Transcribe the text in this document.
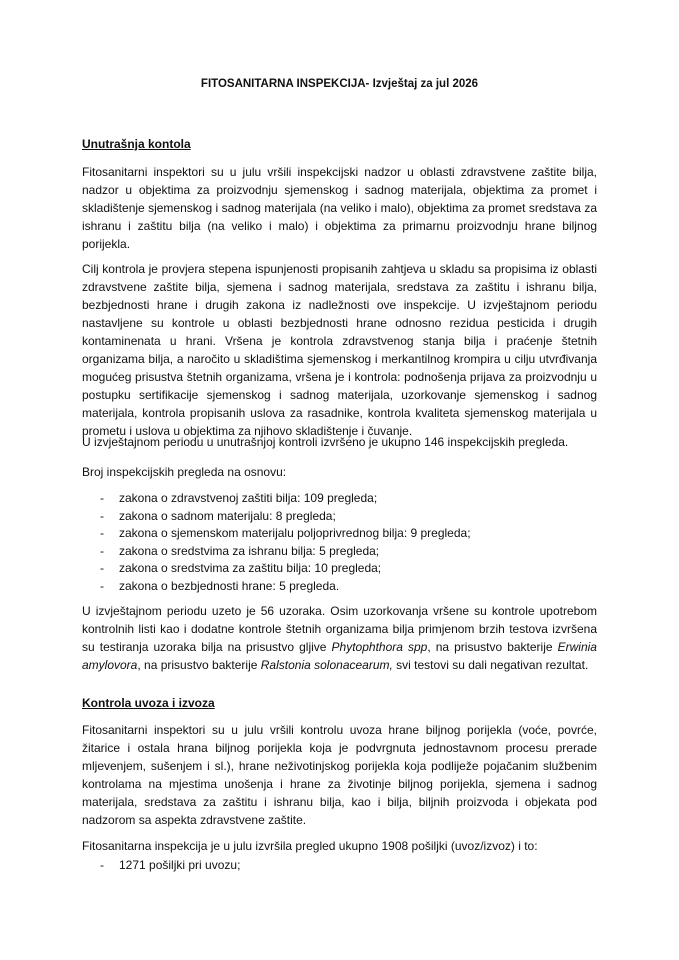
FITOSANITARNA INSPEKCIJA- Izvještaj za jul 2026
Unutrašnja kontola

Fitosanitarni inspektori su u julu vršili inspekcijski nadzor u oblasti zdravstvene zaštite bilja, nadzor u objektima za proizvodnju sjemenskog i sadnog materijala, objektima za promet i skladištenje sjemenskog i sadnog materijala (na veliko i malo), objektima za promet sredstava za ishranu i zaštitu bilja (na veliko i malo) i objektima za primarnu proizvodnju hrane biljnog porijekla.

Cilj kontrola je provjera stepena ispunjenosti propisanih zahtjeva u skladu sa propisima iz oblasti zdravstvene zaštite bilja, sjemena i sadnog materijala, sredstava za zaštitu i ishranu bilja, bezbjednosti hrane i drugih zakona iz nadležnosti ove inspekcije. U izvještajnom periodu nastavljene su kontrole u oblasti bezbjednosti hrane odnosno rezidua pesticida i drugih kontaminenata u hrani. Vršena je kontrola zdravstvenog stanja bilja i praćenje štetnih organizama bilja, a naročito u skladištima sjemenskog i merkantilnog krompira u cilju utvrđivanja mogućeg prisustva štetnih organizama, vršena je i kontrola: podnošenja prijava za proizvodnju u postupku sertifikacije sjemenskog i sadnog materijala, uzorkovanje sjemenskog i sadnog materijala, kontrola propisanih uslova za rasadnike, kontrola kvaliteta sjemenskog materijala u prometu i uslova u objektima za njihovo skladištenje i čuvanje.

U izvještajnom periodu u unutrašnjoj kontroli izvršeno je ukupno 146 inspekcijskih pregleda.

Broj inspekcijskih pregleda na osnovu:

- zakona o zdravstvenoj zaštiti bilja: 109 pregleda;
- zakona o sadnom materijalu: 8 pregleda;
- zakona o sjemenskom materijalu poljoprivrednog bilja: 9 pregleda;
- zakona o sredstvima za ishranu bilja: 5 pregleda;
- zakona o sredstvima za zaštitu bilja: 10 pregleda;
- zakona o bezbjednosti hrane: 5 pregleda.

U izvještajnom periodu uzeto je 56 uzoraka. Osim uzorkovanja vršene su kontrole upotrebom kontrolnih listi kao i dodatne kontrole štetnih organizama bilja primjenom brzih testova izvršena su testiranja uzoraka bilja na prisustvo gljive Phytophthora spp, na prisustvo bakterije Erwinia amylovora, na prisustvo bakterije Ralstonia solonacearum, svi testovi su dali negativan rezultat.

Kontrola uvoza i izvoza

Fitosanitarni inspektori su u julu vršili kontrolu uvoza hrane biljnog porijekla (voće, povrće, žitarice i ostala hrana biljnog porijekla koja je podvrgnuta jednostavnom procesu prerade mljevenjem, sušenjem i sl.), hrane neživotinjskog porijekla koja podliježe pojačanim službenim kontrolama na mjestima unošenja i hrane za životinje biljnog porijekla, sjemena i sadnog materijala, sredstava za zaštitu i ishranu bilja, kao i bilja, biljnih proizvoda i objekata pod nadzorom sa aspekta zdravstvene zaštite.

Fitosanitarna inspekcija je u julu izvršila pregled ukupno 1908 pošiljki (uvoz/izvoz) i to:

- 1271 pošiljki pri uvozu;
